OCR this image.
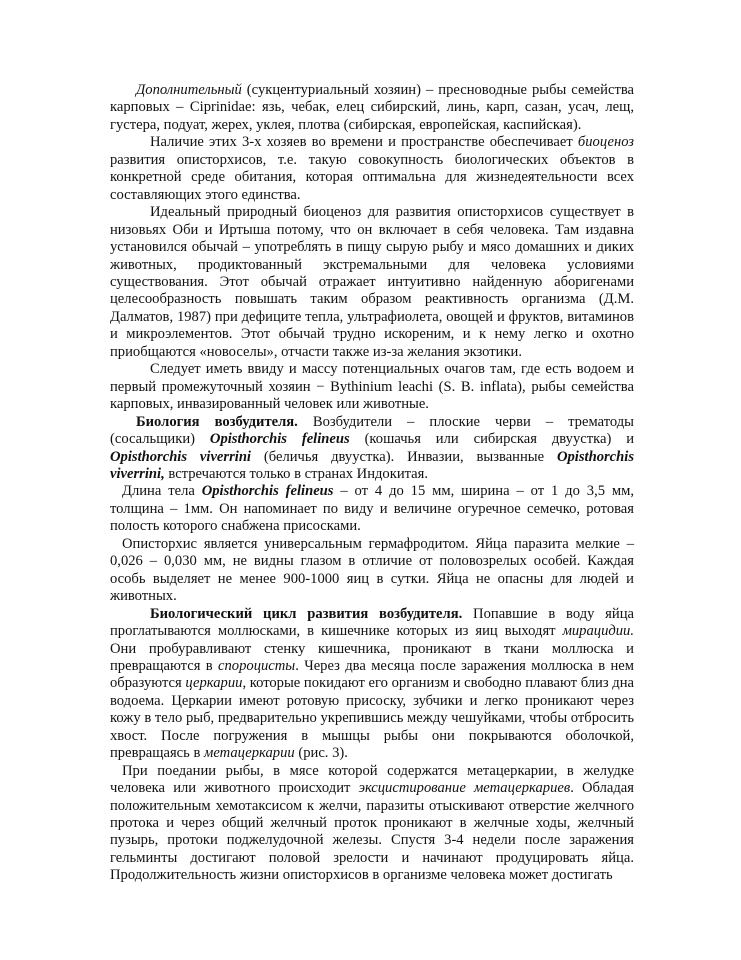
Дополнительный (сукцентуриальный хозяин) – пресноводные рыбы семейства карповых – Ciprinidae: язь, чебак, елец сибирский, линь, карп, сазан, усач, лещ, густера, подуат, жерех, уклея, плотва (сибирская, европейская, каспийская).

Наличие этих 3-х хозяев во времени и пространстве обеспечивает биоценоз развития описторхисов, т.е. такую совокупность биологических объектов в конкретной среде обитания, которая оптимальна для жизнедеятельности всех составляющих этого единства.

Идеальный природный биоценоз для развития описторхисов существует в низовьях Оби и Иртыша потому, что он включает в себя человека. Там издавна установился обычай – употреблять в пищу сырую рыбу и мясо домашних и диких животных, продиктованный экстремальными для человека условиями существования. Этот обычай отражает интуитивно найденную аборигенами целесообразность повышать таким образом реактивность организма (Д.М. Далматов, 1987) при дефиците тепла, ультрафиолета, овощей и фруктов, витаминов и микроэлементов. Этот обычай трудно искореним, и к нему легко и охотно приобщаются «новоселы», отчасти также из-за желания экзотики.

Следует иметь ввиду и массу потенциальных очагов там, где есть водоем и первый промежуточный хозяин − Bythinium leachi (S. B. inflata), рыбы семейства карповых, инвазированный человек или животные.

Биология возбудителя. Возбудители – плоские черви – трематоды (сосальщики) Opisthorchis felineus (кошачья или сибирская двуустка) и Opisthorchis viverrini (беличья двуустка). Инвазии, вызванные Opisthorchis viverrini, встречаются только в странах Индокитая.

Длина тела Opisthorchis felineus – от 4 до 15 мм, ширина – от 1 до 3,5 мм, толщина – 1мм. Он напоминает по виду и величине огуречное семечко, ротовая полость которого снабжена присосками.

Описторхис является универсальным гермафродитом. Яйца паразита мелкие – 0,026 – 0,030 мм, не видны глазом в отличие от половозрелых особей. Каждая особь выделяет не менее 900-1000 яиц в сутки. Яйца не опасны для людей и животных.

Биологический цикл развития возбудителя. Попавшие в воду яйца проглатываются моллюсками, в кишечнике которых из яиц выходят мирацидии. Они пробуравливают стенку кишечника, проникают в ткани моллюска и превращаются в спороцисты. Через два месяца после заражения моллюска в нем образуются церкарии, которые покидают его организм и свободно плавают близ дна водоема. Церкарии имеют ротовую присоску, зубчики и легко проникают через кожу в тело рыб, предварительно укрепившись между чешуйками, чтобы отбросить хвост. После погружения в мышцы рыбы они покрываются оболочкой, превращаясь в метацеркарии (рис. 3).

При поедании рыбы, в мясе которой содержатся метацеркарии, в желудке человека или животного происходит эксцистирование метацеркариев. Обладая положительным хемотаксисом к желчи, паразиты отыскивают отверстие желчного протока и через общий желчный проток проникают в желчные ходы, желчный пузырь, протоки поджелудочной железы. Спустя 3-4 недели после заражения гельминты достигают половой зрелости и начинают продуцировать яйца. Продолжительность жизни описторхисов в организме человека может достигать
